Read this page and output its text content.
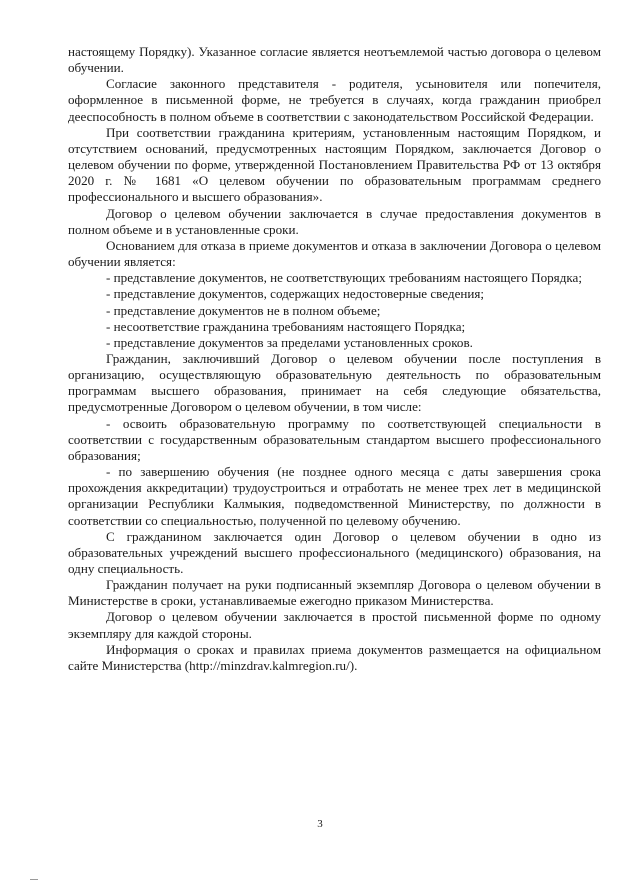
настоящему Порядку). Указанное согласие является неотъемлемой частью договора о целевом обучении.

Согласие законного представителя - родителя, усыновителя или попечителя, оформленное в письменной форме, не требуется в случаях, когда гражданин приобрел дееспособность в полном объеме в соответствии с законодательством Российской Федерации.

При соответствии гражданина критериям, установленным настоящим Порядком, и отсутствием оснований, предусмотренных настоящим Порядком, заключается Договор о целевом обучении по форме, утвержденной Постановлением Правительства РФ от 13 октября 2020 г. № 1681 «О целевом обучении по образовательным программам среднего профессионального и высшего образования».

Договор о целевом обучении заключается в случае предоставления документов в полном объеме и в установленные сроки.

Основанием для отказа в приеме документов и отказа в заключении Договора о целевом обучении является:

- представление документов, не соответствующих требованиям настоящего Порядка;

- представление документов, содержащих недостоверные сведения;

- представление документов не в полном объеме;

- несоответствие гражданина требованиям настоящего Порядка;

- представление документов за пределами установленных сроков.

Гражданин, заключивший Договор о целевом обучении после поступления в организацию, осуществляющую образовательную деятельность по образовательным программам высшего образования, принимает на себя следующие обязательства, предусмотренные Договором о целевом обучении, в том числе:

- освоить образовательную программу по соответствующей специальности в соответствии с государственным образовательным стандартом высшего профессионального образования;

- по завершению обучения (не позднее одного месяца с даты завершения срока прохождения аккредитации) трудоустроиться и отработать не менее трех лет в медицинской организации Республики Калмыкия, подведомственной Министерству, по должности в соответствии со специальностью, полученной по целевому обучению.

С гражданином заключается один Договор о целевом обучении в одно из образовательных учреждений высшего профессионального (медицинского) образования, на одну специальность.

Гражданин получает на руки подписанный экземпляр Договора о целевом обучении в Министерстве в сроки, устанавливаемые ежегодно приказом Министерства.

Договор о целевом обучении заключается в простой письменной форме по одному экземпляру для каждой стороны.

Информация о сроках и правилах приема документов размещается на официальном сайте Министерства (http://minzdrav.kalmregion.ru/).

3
